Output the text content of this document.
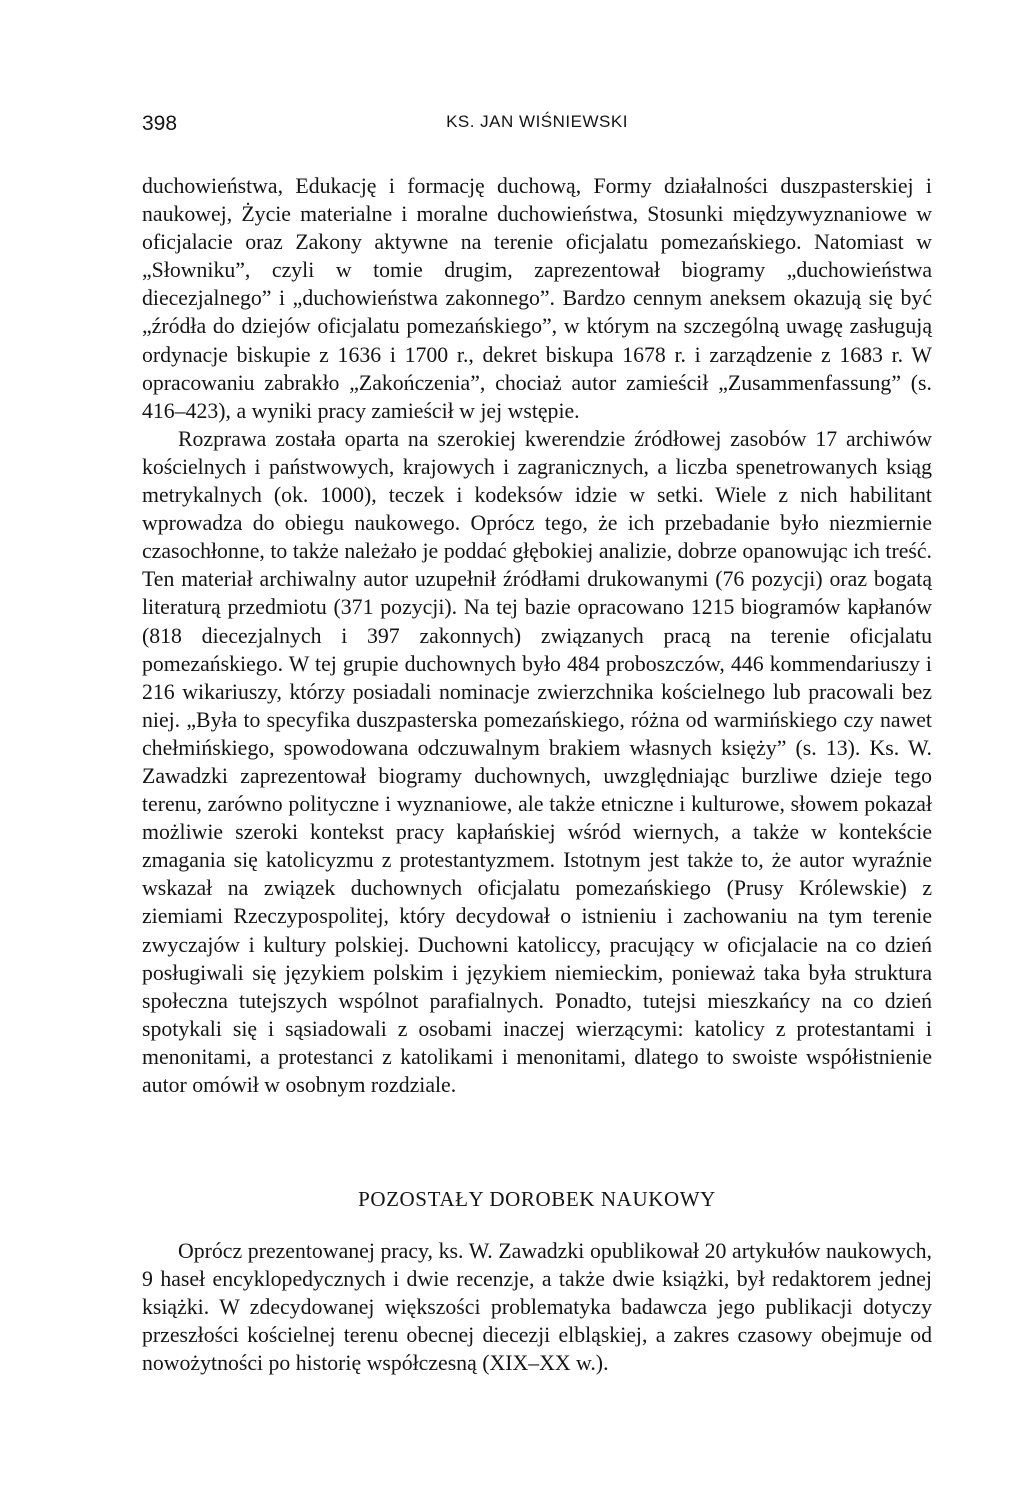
398	KS. JAN WIŚNIEWSKI

duchowieństwa, Edukację i formację duchową, Formy działalności duszpasterskiej i naukowej, Życie materialne i moralne duchowieństwa, Stosunki międzywyznaniowe w oficjalacie oraz Zakony aktywne na terenie oficjalatu pomezańskiego. Natomiast w „Słowniku”, czyli w tomie drugim, zaprezentował biogramy „duchowieństwa diecezjalnego” i „duchowieństwa zakonnego”. Bardzo cennym aneksem okazują się być „źródła do dziejów oficjalatu pomezańskiego”, w którym na szczególną uwagę zasługują ordynacje biskupie z 1636 i 1700 r., dekret biskupa 1678 r. i zarządzenie z 1683 r. W opracowaniu zabrakło „Zakończenia”, chociaż autor zamieścił „Zusammenfassung” (s. 416–423), a wyniki pracy zamieścił w jej wstępie.

Rozprawa została oparta na szerokiej kwerendzie źródłowej zasobów 17 archiwów kościelnych i państwowych, krajowych i zagranicznych, a liczba spenetrowanych ksiąg metrykalnych (ok. 1000), teczek i kodeksów idzie w setki. Wiele z nich habilitant wprowadza do obiegu naukowego. Oprócz tego, że ich przebadanie było niezmiernie czasochłonne, to także należało je poddać głębokiej analizie, dobrze opanowując ich treść. Ten materiał archiwalny autor uzupełnił źródłami drukowanymi (76 pozycji) oraz bogatą literaturą przedmiotu (371 pozycji). Na tej bazie opracowano 1215 biogramów kapłanów (818 diecezjalnych i 397 zakonnych) związanych pracą na terenie oficjalatu pomezańskiego. W tej grupie duchownych było 484 proboszczów, 446 kommendariuszy i 216 wikariuszy, którzy posiadali nominacje zwierzchnika kościelnego lub pracowali bez niej. „Była to specyfika duszpasterska pomezańskiego, różna od warmińskiego czy nawet chełmińskiego, spowodowana odczuwalnym brakiem własnych księży” (s. 13). Ks. W. Zawadzki zaprezentował biogramy duchownych, uwzględniając burzliwe dzieje tego terenu, zarówno polityczne i wyznaniowe, ale także etniczne i kulturowe, słowem pokazał możliwie szeroki kontekst pracy kapłańskiej wśród wiernych, a także w kontekście zmagania się katolicyzmu z protestantyzmem. Istotnym jest także to, że autor wyraźnie wskazał na związek duchownych oficjalatu pomezańskiego (Prusy Królewskie) z ziemiami Rzeczypospolitej, który decydował o istnieniu i zachowaniu na tym terenie zwyczajów i kultury polskiej. Duchowni katoliccy, pracujący w oficjalacie na co dzień posługiwali się językiem polskim i językiem niemieckim, ponieważ taka była struktura społeczna tutejszych wspólnot parafialnych. Ponadto, tutejsi mieszkańcy na co dzień spotykali się i sąsiadowali z osobami inaczej wierzącymi: katolicy z protestantami i menonitami, a protestanci z katolikami i menonitami, dlatego to swoiste współistnienie autor omówił w osobnym rozdziale.

POZOSTAŁY DOROBEK NAUKOWY

Oprócz prezentowanej pracy, ks. W. Zawadzki opublikował 20 artykułów naukowych, 9 haseł encyklopedycznych i dwie recenzje, a także dwie książki, był redaktorem jednej książki. W zdecydowanej większości problematyka badawcza jego publikacji dotyczy przeszłości kościelnej terenu obecnej diecezji elbląskiej, a zakres czasowy obejmuje od nowożytności po historię współczesną (XIX–XX w.).
